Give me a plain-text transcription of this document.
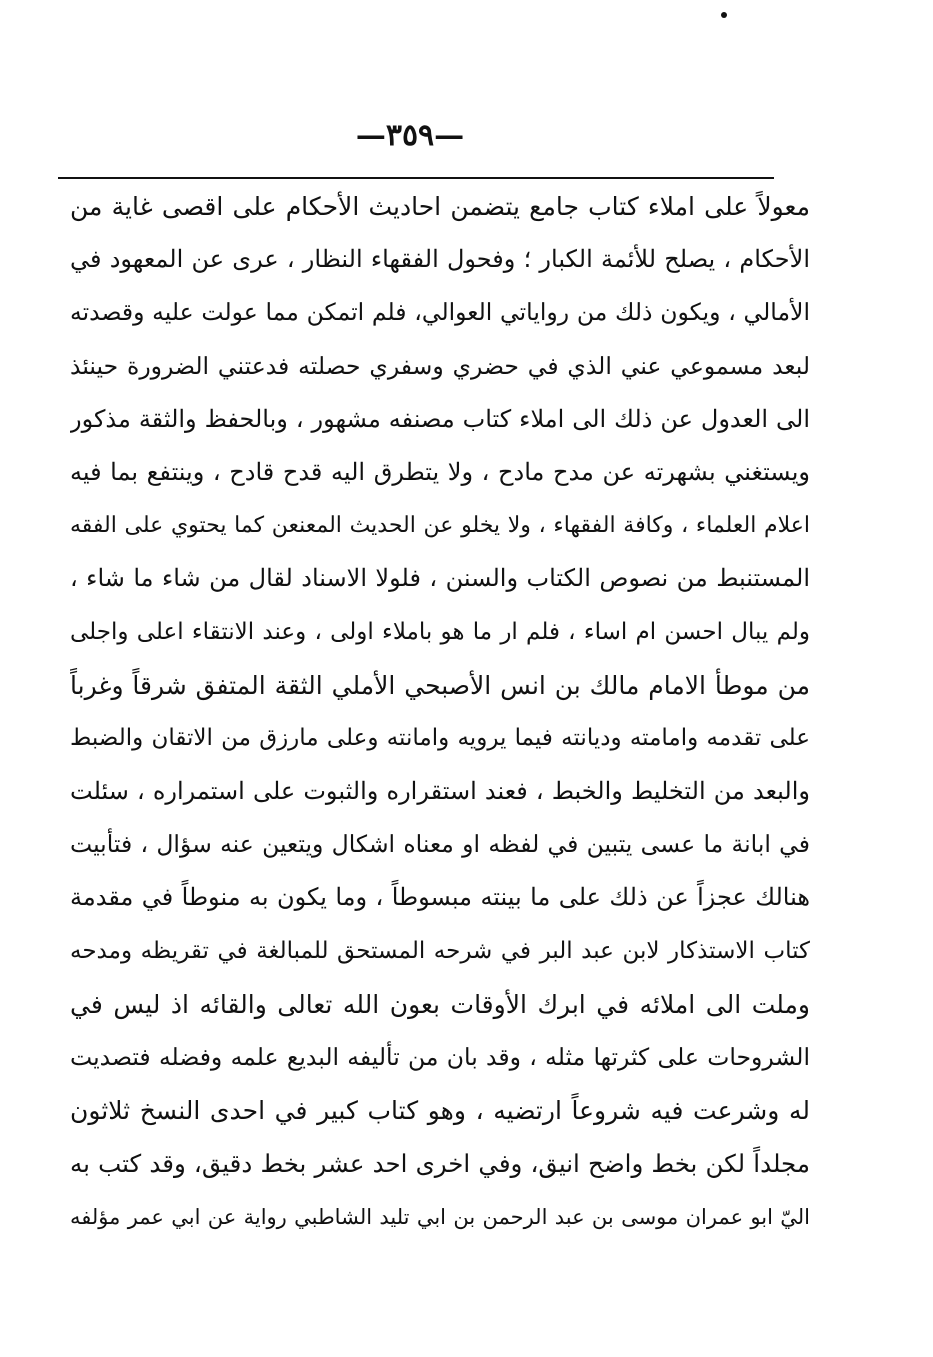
—٣٥٩—
معولاً على املاء كتاب جامع يتضمن احاديث الأحكام على اقصى غاية من
الأحكام ، يصلح للأئمة الكبار ؛ وفحول الفقهاء النظار ، عرى عن المعهود في
الأمالي ، ويكون ذلك من رواياتي العوالي، فلم اتمكن مما عولت عليه وقصدته
لبعد مسموعي عني الذي في حضري وسفري حصلته فدعتني الضرورة حينئذ
الى العدول عن ذلك الى املاء كتاب مصنفه مشهور ، وبالحفظ والثقة مذكور
ويستغني بشهرته عن مدح مادح ، ولا يتطرق اليه قدح قادح ، وينتفع بما فيه
اعلام العلماء ، وكافة الفقهاء ، ولا يخلو عن الحديث المعنعن كما يحتوي على الفقه
المستنبط من نصوص الكتاب والسنن ، فلولا الاسناد لقال من شاء ما شاء ،
ولم يبال احسن ام اساء ، فلم ار ما هو باملاء اولى ، وعند الانتقاء اعلى واجلى
من موطأ الامام مالك بن انس الأصبحي الأملي الثقة المتفق شرقاً وغرباً
على تقدمه وامامته وديانته فيما يرويه وامانته وعلى مارزق من الاتقان والضبط
والبعد من التخليط والخبط ، فعند استقراره والثبوت على استمراره ، سئلت
في ابانة ما عسى يتبين في لفظه او معناه اشكال ويتعين عنه سؤال ، فتأبيت
هنالك عجزاً عن ذلك على ما بينته مبسوطاً ، وما يكون به منوطاً في مقدمة
كتاب الاستذكار لابن عبد البر في شرحه المستحق للمبالغة في تقريظه ومدحه
وملت الى املائه في ابرك الأوقات بعون الله تعالى والقائه اذ ليس في
الشروحات على كثرتها مثله ، وقد بان من تأليفه البديع علمه وفضله فتصديت
له وشرعت فيه شروعاً ارتضيه ، وهو كتاب كبير في احدى النسخ ثلاثون
مجلداً لكن بخط واضح انيق، وفي اخرى احد عشر بخط دقيق، وقد كتب به
اليّ ابو عمران موسى بن عبد الرحمن بن ابي تليد الشاطبي رواية عن ابي عمر مؤلفه
